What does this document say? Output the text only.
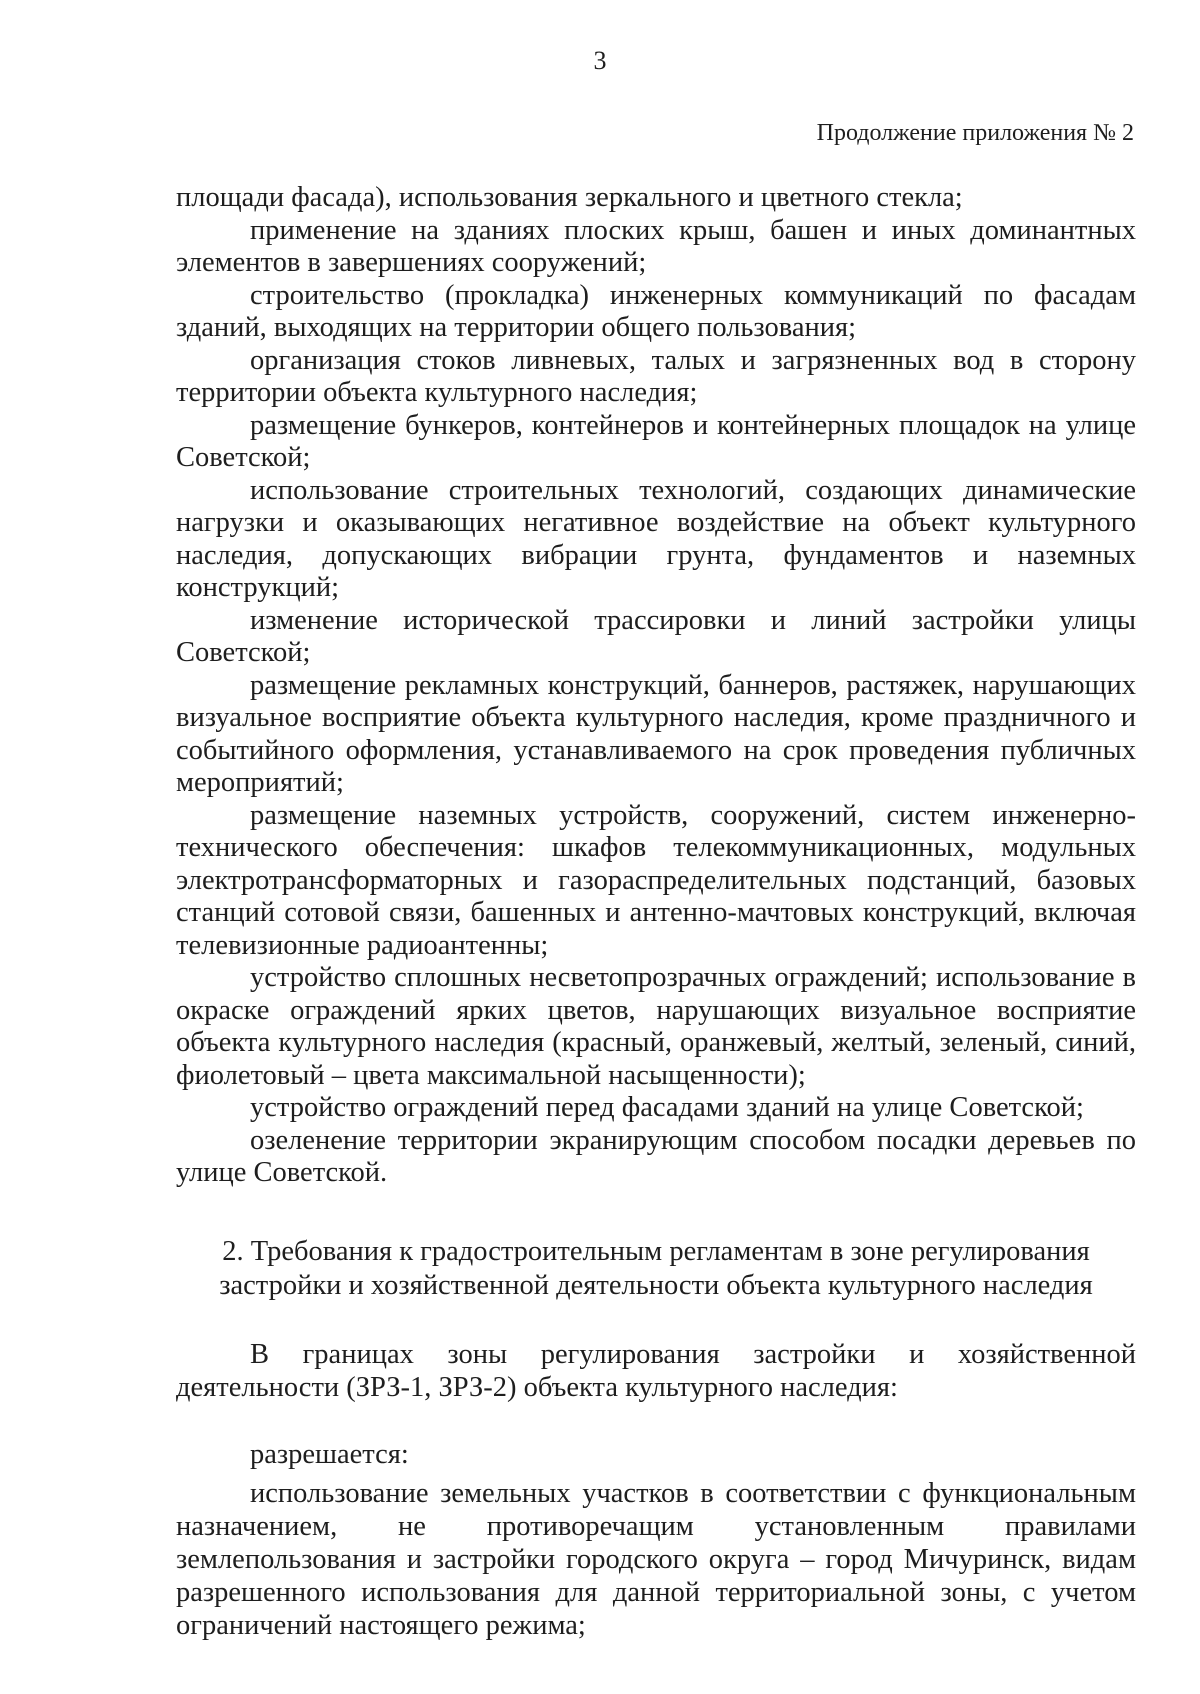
3
Продолжение приложения № 2

площади фасада), использования зеркального и цветного стекла;

применение на зданиях плоских крыш, башен и иных доминантных элементов в завершениях сооружений;

строительство (прокладка) инженерных коммуникаций по фасадам зданий, выходящих на территории общего пользования;

организация стоков ливневых, талых и загрязненных вод в сторону территории объекта культурного наследия;

размещение бункеров, контейнеров и контейнерных площадок на улице Советской;

использование строительных технологий, создающих динамические нагрузки и оказывающих негативное воздействие на объект культурного наследия, допускающих вибрации грунта, фундаментов и наземных конструкций;

изменение исторической трассировки и линий застройки улицы Советской;

размещение рекламных конструкций, баннеров, растяжек, нарушающих визуальное восприятие объекта культурного наследия, кроме праздничного и событийного оформления, устанавливаемого на срок проведения публичных мероприятий;

размещение наземных устройств, сооружений, систем инженерно-технического обеспечения: шкафов телекоммуникационных, модульных электротрансформаторных и газораспределительных подстанций, базовых станций сотовой связи, башенных и антенно-мачтовых конструкций, включая телевизионные радиоантенны;

устройство сплошных несветопрозрачных ограждений; использование в окраске ограждений ярких цветов, нарушающих визуальное восприятие объекта культурного наследия (красный, оранжевый, желтый, зеленый, синий, фиолетовый – цвета максимальной насыщенности);

устройство ограждений перед фасадами зданий на улице Советской;

озеленение территории экранирующим способом посадки деревьев по улице Советской.

2. Требования к градостроительным регламентам в зоне регулирования
застройки и хозяйственной деятельности объекта культурного наследия

В границах зоны регулирования застройки и хозяйственной деятельности (ЗРЗ-1, ЗРЗ-2) объекта культурного наследия:

разрешается:

использование земельных участков в соответствии с функциональным назначением, не противоречащим установленным правилами землепользования и застройки городского округа – город Мичуринск, видам разрешенного использования для данной территориальной зоны, с учетом ограничений настоящего режима;
